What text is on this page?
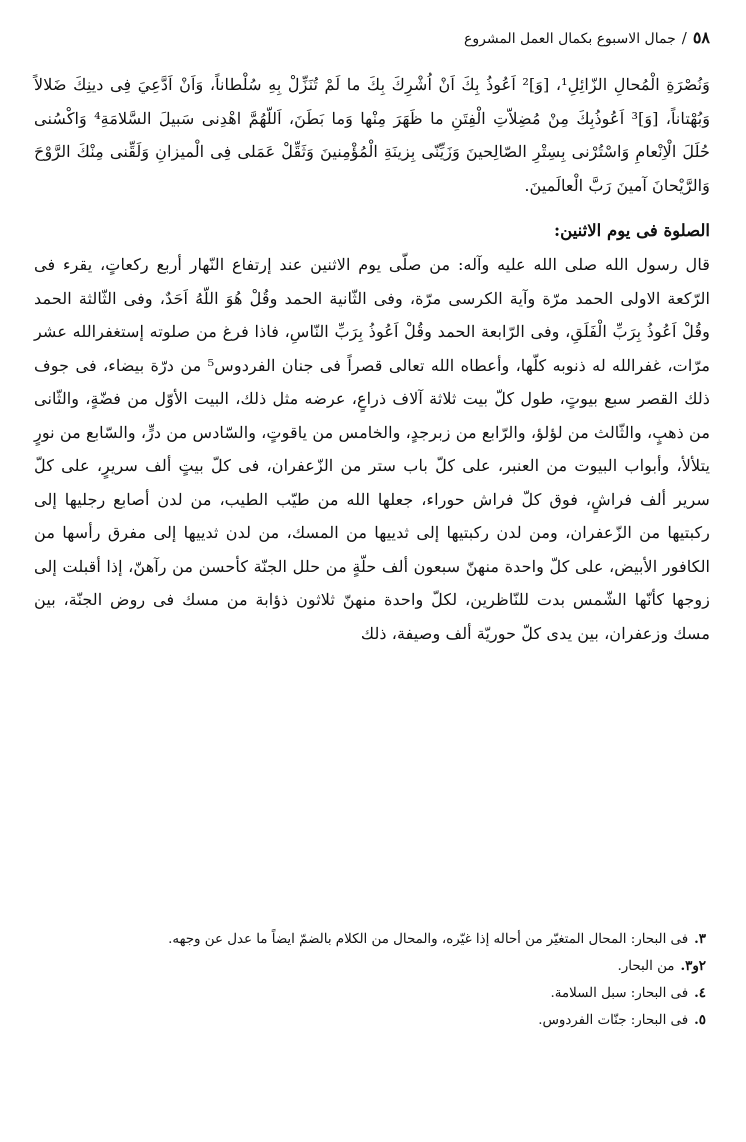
٥٨
/
جمال الاسبوع بكمال العمل المشروع

وَنُصْرَةِ الْمُحالِ الزّائِلِ¹، [وَ]² اَعُوذُ بِكَ اَنْ اُشْرِكَ بِكَ ما لَمْ تُنَزِّلْ بِهِ سُلْطاناً، وَاَنْ اَدَّعِيَ فِى دينِكَ ضَلالاً وَبُهْتاناً، [وَ]³ اَعُوذُبِكَ مِنْ مُضِلاّتِ الْفِتَنِ ما ظَهَرَ مِنْها وَما بَطَنَ، اَللّهُمَّ اهْدِنى سَبيلَ السَّلامَةِ⁴ وَاكْسُنى حُلَلَ الْاِنْعامِ وَاسْتُرْنى بِسِتْرِ الصّالِحينَ وَزَيِّنّى بِزينَةِ الْمُؤْمِنينَ وَثَقِّلْ عَمَلى فِى الْميزانِ وَلَقِّنى مِنْكَ الرَّوْحَ وَالرَّيْحانَ آمينَ رَبَّ الْعالَمينَ.

الصلوة فى يوم الاثنين:

قال رسول الله صلى الله عليه وآله: من صلّى يوم الاثنين عند إرتفاع النّهار أربع ركعاتٍ، يقرء فى الرّكعة الاولى الحمد مرّة وآية الكرسى مرّة، وفى الثّانية الحمد وقُلْ هُوَ اللّهُ اَحَدٌ، وفى الثّالثة الحمد وقُلْ اَعُوذُ بِرَبِّ الْفَلَقِ، وفى الرّابعة الحمد وقُلْ اَعُوذُ بِرَبِّ النّاسِ، فاذا فرغ من صلوته إستغفرالله عشر مرّات، غفرالله له ذنوبه كلّها، وأعطاه الله تعالى قصراً فى جنان الفردوس⁵ من درّة بيضاء، فى جوف ذلك القصر سبع بيوتٍ، طول كلّ بيت ثلاثة آلاف ذراعٍ، عرضه مثل ذلك، البيت الأوّل من فضّةٍ، والثّانى من ذهبٍ، والثّالث من لؤلؤ، والرّابع من زبرجدٍ، والخامس من ياقوتٍ، والسّادس من درٍّ، والسّابع من نورٍ يتلألأ، وأبواب البيوت من العنبر، على كلّ باب ستر من الزّعفران، فى كلّ بيتٍ ألف سريرٍ، على كلّ سرير ألف فراشٍ، فوق كلّ فراش حوراء، جعلها الله من طيّب الطيب، من لدن أصابع رجليها إلى ركبتيها من الزّعفران، ومن لدن ركبتيها إلى ثدييها من المسك، من لدن ثدييها إلى مفرق رأسها من الكافور الأبيض، على كلّ واحدة منهنّ سبعون ألف حلّةٍ من حلل الجنّة كأحسن من رآهنّ، إذا أقبلت إلى زوجها كأنّها الشّمس بدت للنّاظرين، لكلّ واحدة منهنّ ثلاثون ذؤابة من مسك فى روض الجنّة، بين مسك وزعفران، بين يدى كلّ حوريّة ألف وصيفة، ذلك

٣.فى البحار: المحال المتغيّر من أحاله إذا غيّره، والمحال من الكلام بالضمّ ايضاً ما عدل عن وجهه.

٢و٣.من البحار.

٤.فى البحار: سبل السلامة.

٥.فى البحار: جنّات الفردوس.
